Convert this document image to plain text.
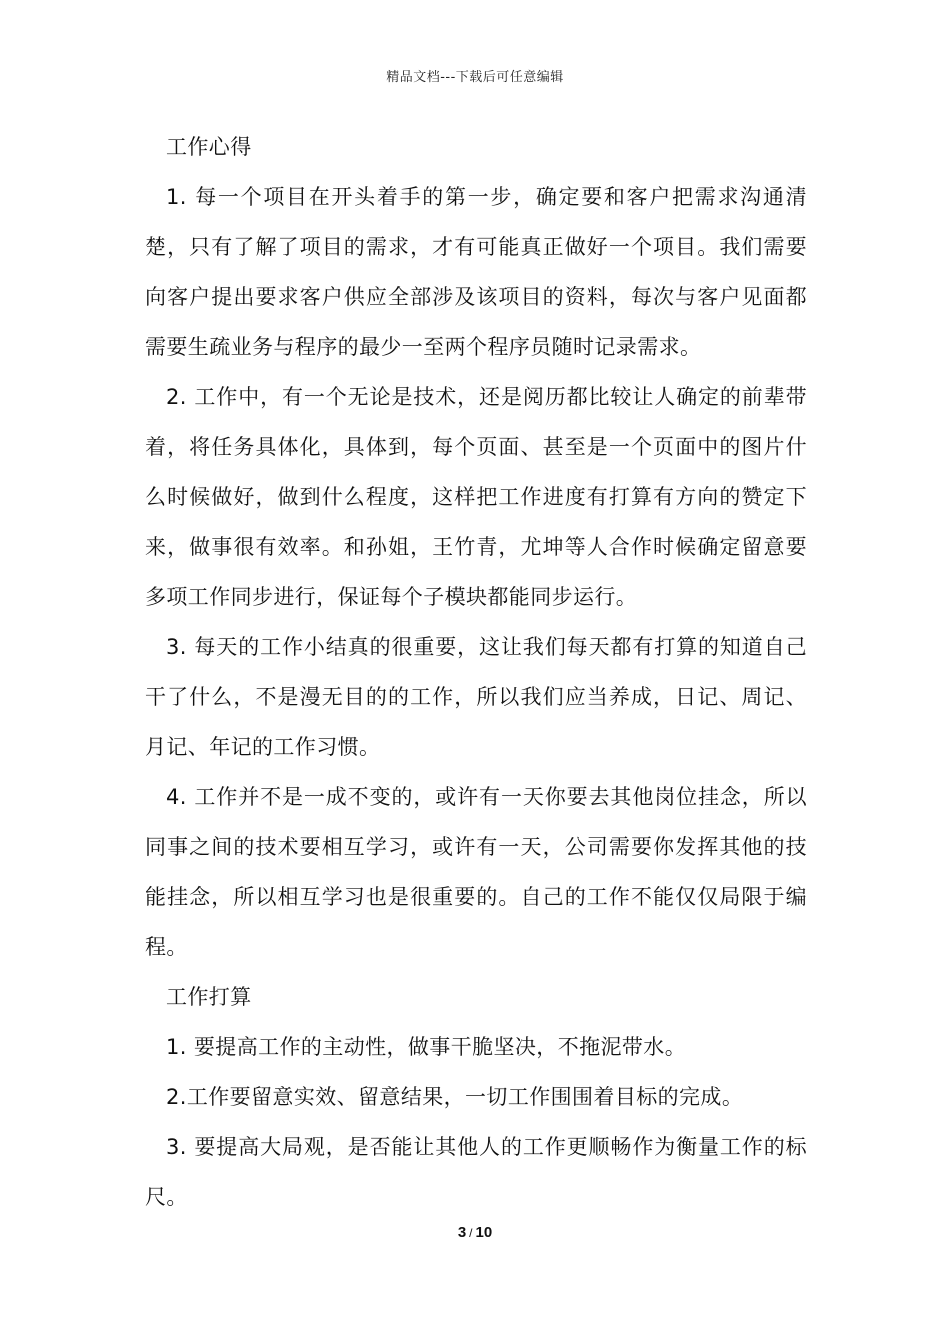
精品文档---下载后可任意编辑

工作心得

1. 每一个项目在开头着手的第一步，确定要和客户把需求沟通清楚，只有了解了项目的需求，才有可能真正做好一个项目。我们需要向客户提出要求客户供应全部涉及该项目的资料，每次与客户见面都需要生疏业务与程序的最少一至两个程序员随时记录需求。

2. 工作中，有一个无论是技术，还是阅历都比较让人确定的前辈带着，将任务具体化，具体到，每个页面、甚至是一个页面中的图片什么时候做好，做到什么程度，这样把工作进度有打算有方向的赞定下来，做事很有效率。和孙姐，王竹青，尤坤等人合作时候确定留意要多项工作同步进行，保证每个子模块都能同步运行。

3. 每天的工作小结真的很重要，这让我们每天都有打算的知道自己干了什么，不是漫无目的的工作，所以我们应当养成，日记、周记、月记、年记的工作习惯。

4. 工作并不是一成不变的，或许有一天你要去其他岗位挂念，所以同事之间的技术要相互学习，或许有一天，公司需要你发挥其他的技能挂念，所以相互学习也是很重要的。自己的工作不能仅仅局限于编程。

工作打算

1. 要提高工作的主动性，做事干脆坚决，不拖泥带水。

2.工作要留意实效、留意结果，一切工作围围着目标的完成。

3. 要提高大局观，是否能让其他人的工作更顺畅作为衡量工作的标尺。

3 / 10
